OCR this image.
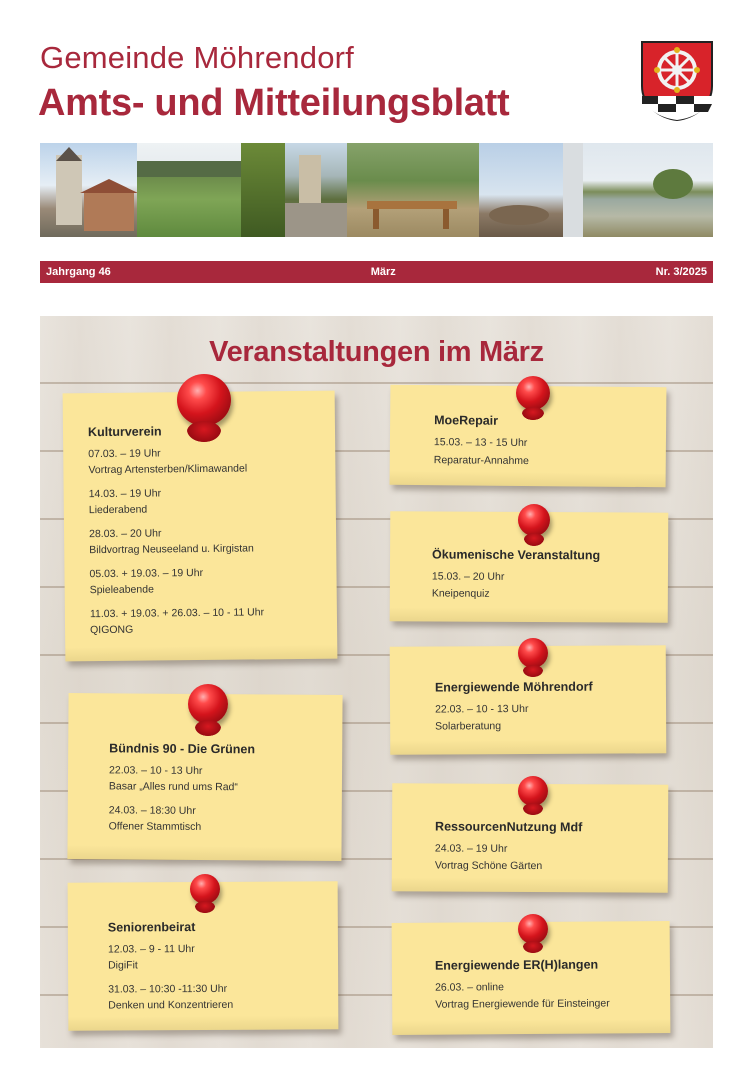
Gemeinde Möhrendorf
Amts- und Mitteilungsblatt
Jahrgang 46	März	Nr. 3/2025
Veranstaltungen im März
Kulturverein
07.03. – 19 Uhr
Vortrag Artensterben/Klimawandel
14.03. – 19 Uhr
Liederabend
28.03. – 20 Uhr
Bildvortrag Neuseeland u. Kirgistan
05.03. + 19.03. – 19 Uhr
Spieleabende
11.03. + 19.03. + 26.03. – 10 - 11 Uhr
QIGONG
Bündnis 90 - Die Grünen
22.03. – 10 - 13 Uhr
Basar „Alles rund ums Rad“
24.03. – 18:30 Uhr
Offener Stammtisch
Seniorenbeirat
12.03. – 9 - 11 Uhr
DigiFit
31.03. – 10:30 -11:30 Uhr
Denken und Konzentrieren
MoeRepair
15.03. – 13 - 15 Uhr
Reparatur-Annahme
Ökumenische Veranstaltung
15.03. – 20 Uhr
Kneipenquiz
Energiewende Möhrendorf
22.03. – 10 - 13 Uhr
Solarberatung
RessourcenNutzung Mdf
24.03. – 19 Uhr
Vortrag Schöne Gärten
Energiewende ER(H)langen
26.03. – online
Vortrag Energiewende für Einsteinger
